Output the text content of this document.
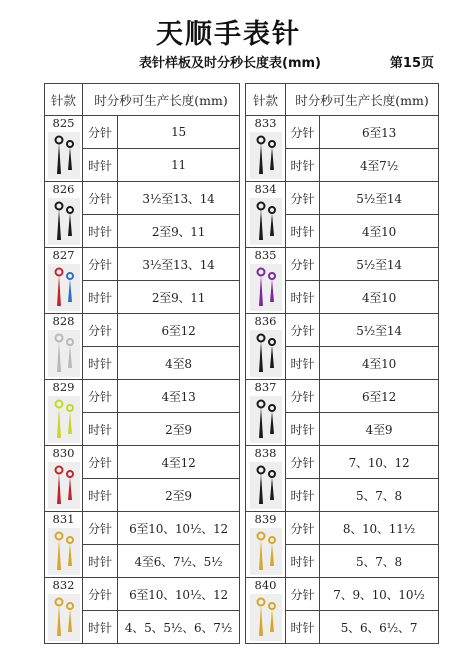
天顺手表针
表针样板及时分秒长度表(mm)	第15页
针款	时分秒可生产长度(mm)	

825	分针	15
	时针	11

826	分针	3½至13、14
	时针	2至9、11

827	分针	3½至13、14
	时针	2至9、11

828	分针	6至12
	时针	4至8

829	分针	4至13
	时针	2至9

830	分针	4至12
	时针	2至9

831	分针	6至10、10½、12
	时针	4至6、7½、5½

832	分针	6至10、10½、12
	时针	4、5、5½、6、7½
针款	时分秒可生产长度(mm)	

833	分针	6至13
	时针	4至7½

834	分针	5½至14
	时针	4至10

835	分针	5½至14
	时针	4至10

836	分针	5½至14
	时针	4至10

837	分针	6至12
	时针	4至9

838	分针	7、10、12
	时针	5、7、8

839	分针	8、10、11½
	时针	5、7、8

840	分针	7、9、10、10½
	时针	5、6、6½、7
